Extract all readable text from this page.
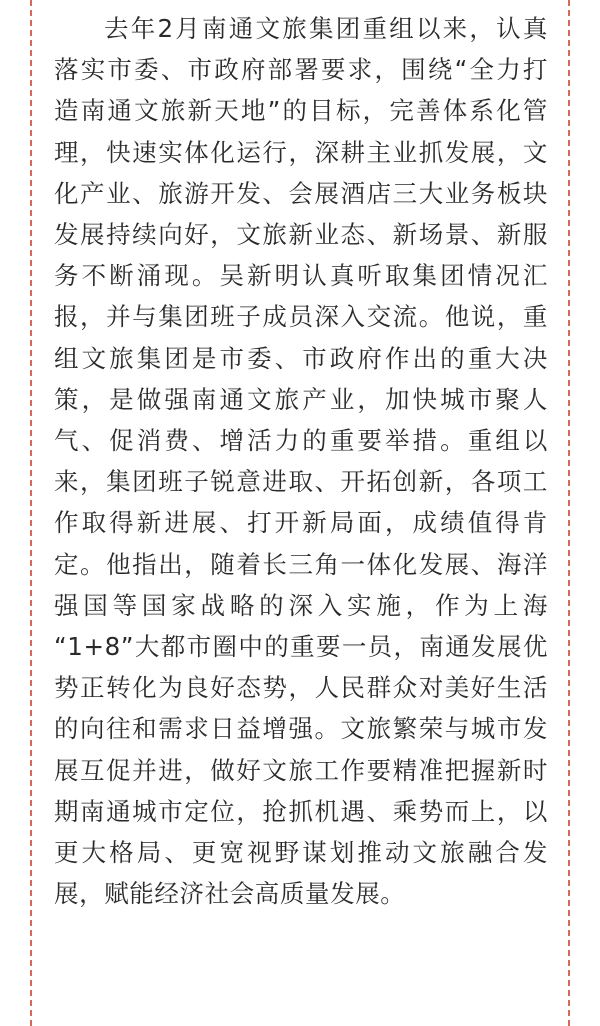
去年2月南通文旅集团重组以来，认真
落实市委、市政府部署要求，围绕“全力打
造南通文旅新天地”的目标，完善体系化管
理，快速实体化运行，深耕主业抓发展，文
化产业、旅游开发、会展酒店三大业务板块
发展持续向好，文旅新业态、新场景、新服
务不断涌现。吴新明认真听取集团情况汇
报，并与集团班子成员深入交流。他说，重
组文旅集团是市委、市政府作出的重大决
策，是做强南通文旅产业，加快城市聚人
气、促消费、增活力的重要举措。重组以
来，集团班子锐意进取、开拓创新，各项工
作取得新进展、打开新局面，成绩值得肯
定。他指出，随着长三角一体化发展、海洋
强国等国家战略的深入实施，作为上海
“1+8”大都市圈中的重要一员，南通发展优
势正转化为良好态势，人民群众对美好生活
的向往和需求日益增强。文旅繁荣与城市发
展互促并进，做好文旅工作要精准把握新时
期南通城市定位，抢抓机遇、乘势而上，以
更大格局、更宽视野谋划推动文旅融合发
展，赋能经济社会高质量发展。
